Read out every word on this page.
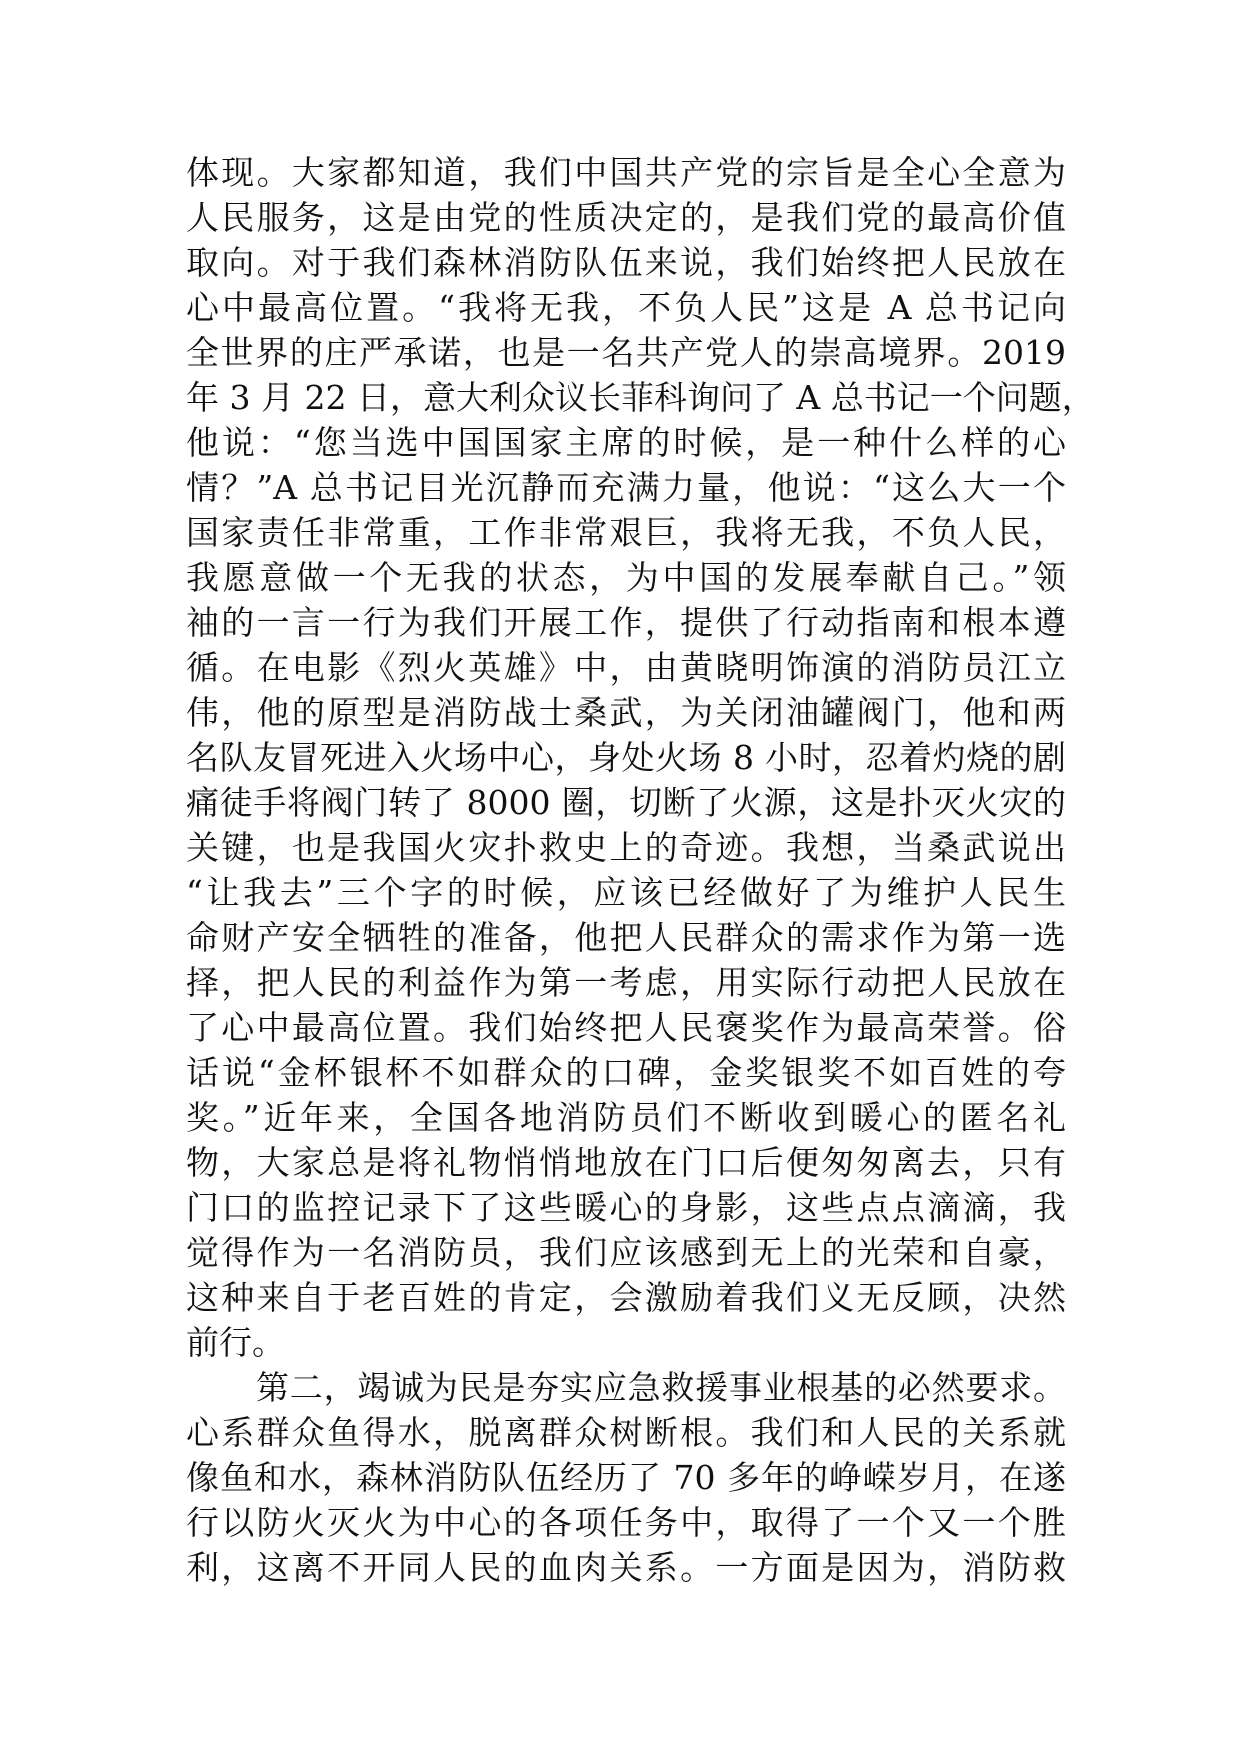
体现。大家都知道，我们中国共产党的宗旨是全心全意为
人民服务，这是由党的性质决定的，是我们党的最高价值
取向。对于我们森林消防队伍来说，我们始终把人民放在
心中最高位置。“我将无我，不负人民”这是 A 总书记向
全世界的庄严承诺，也是一名共产党人的崇高境界。2019
年 3 月 22 日，意大利众议长菲科询问了 A 总书记一个问题，
他说：“您当选中国国家主席的时候，是一种什么样的心
情？”A 总书记目光沉静而充满力量，他说：“这么大一个
国家责任非常重，工作非常艰巨，我将无我，不负人民，
我愿意做一个无我的状态，为中国的发展奉献自己。”领
袖的一言一行为我们开展工作，提供了行动指南和根本遵
循。在电影《烈火英雄》中，由黄晓明饰演的消防员江立
伟，他的原型是消防战士桑武，为关闭油罐阀门，他和两
名队友冒死进入火场中心，身处火场 8 小时，忍着灼烧的剧
痛徒手将阀门转了 8000 圈，切断了火源，这是扑灭火灾的
关键，也是我国火灾扑救史上的奇迹。我想，当桑武说出
“让我去”三个字的时候，应该已经做好了为维护人民生
命财产安全牺牲的准备，他把人民群众的需求作为第一选
择，把人民的利益作为第一考虑，用实际行动把人民放在
了心中最高位置。我们始终把人民褒奖作为最高荣誉。俗
话说“金杯银杯不如群众的口碑，金奖银奖不如百姓的夸
奖。”近年来，全国各地消防员们不断收到暖心的匿名礼
物，大家总是将礼物悄悄地放在门口后便匆匆离去，只有
门口的监控记录下了这些暖心的身影，这些点点滴滴，我
觉得作为一名消防员，我们应该感到无上的光荣和自豪，
这种来自于老百姓的肯定，会激励着我们义无反顾，决然
前行。
第二，竭诚为民是夯实应急救援事业根基的必然要求。
心系群众鱼得水，脱离群众树断根。我们和人民的关系就
像鱼和水，森林消防队伍经历了 70 多年的峥嵘岁月，在遂
行以防火灭火为中心的各项任务中，取得了一个又一个胜
利，这离不开同人民的血肉关系。一方面是因为，消防救
